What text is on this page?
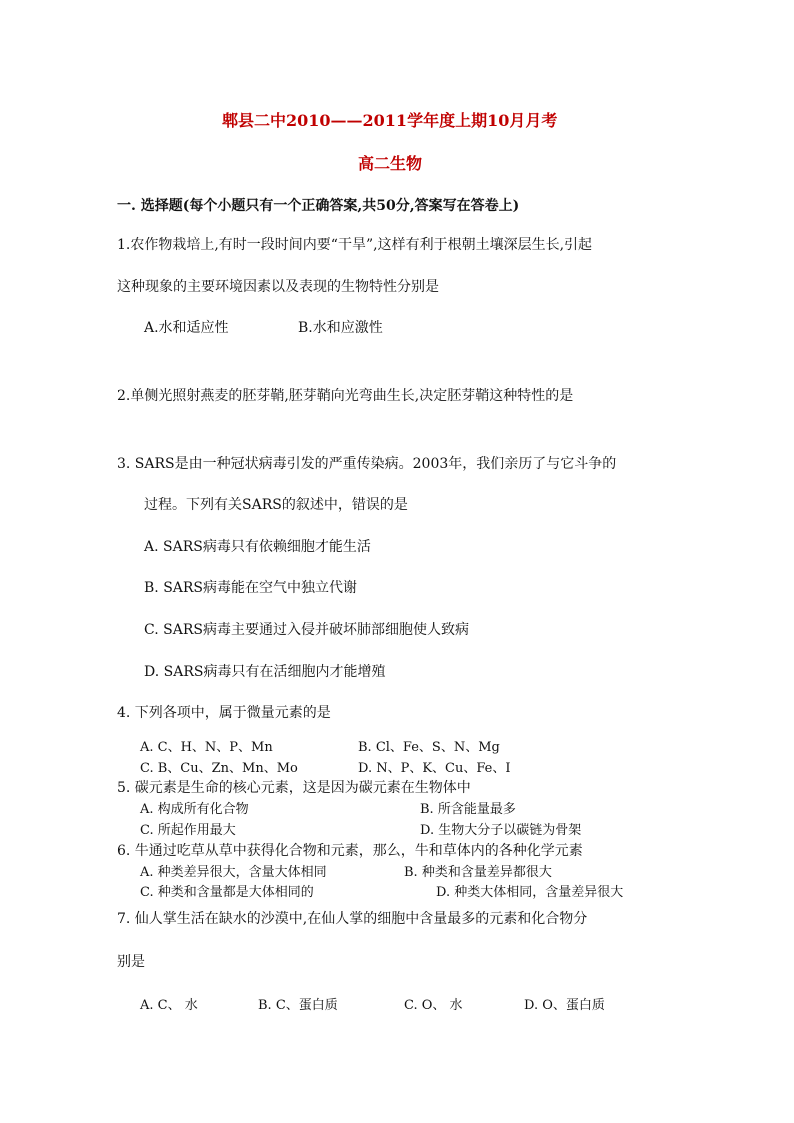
郫县二中2010——2011学年度上期10月月考
高二生物
一. 选择题(每个小题只有一个正确答案,共50分,答案写在答卷上)
1.农作物栽培上,有时一段时间内要“干旱”,这样有利于根朝土壤深层生长,引起
这种现象的主要环境因素以及表现的生物特性分别是
A.水和适应性	B.水和应激性
2.单侧光照射燕麦的胚芽鞘,胚芽鞘向光弯曲生长,决定胚芽鞘这种特性的是
3. SARS是由一种冠状病毒引发的严重传染病。2003年，我们亲历了与它斗争的
过程。下列有关SARS的叙述中，错误的是
A. SARS病毒只有依赖细胞才能生活
B. SARS病毒能在空气中独立代谢
C. SARS病毒主要通过入侵并破坏肺部细胞使人致病
D. SARS病毒只有在活细胞内才能增殖
4. 下列各项中，属于微量元素的是
A. C、H、N、P、Mn	B. Cl、Fe、S、N、Mg
C. B、Cu、Zn、Mn、Mo	D. N、P、K、Cu、Fe、I
5. 碳元素是生命的核心元素，这是因为碳元素在生物体中
A. 构成所有化合物	B. 所含能量最多
C. 所起作用最大	D. 生物大分子以碳链为骨架
6. 牛通过吃草从草中获得化合物和元素，那么，牛和草体内的各种化学元素
A. 种类差异很大，含量大体相同	B. 种类和含量差异都很大
C. 种类和含量都是大体相同的	D. 种类大体相同，含量差异很大
7. 仙人掌生活在缺水的沙漠中,在仙人掌的细胞中含量最多的元素和化合物分
别是
A. C、 水	B. C、蛋白质	C. O、 水	D. O、蛋白质
